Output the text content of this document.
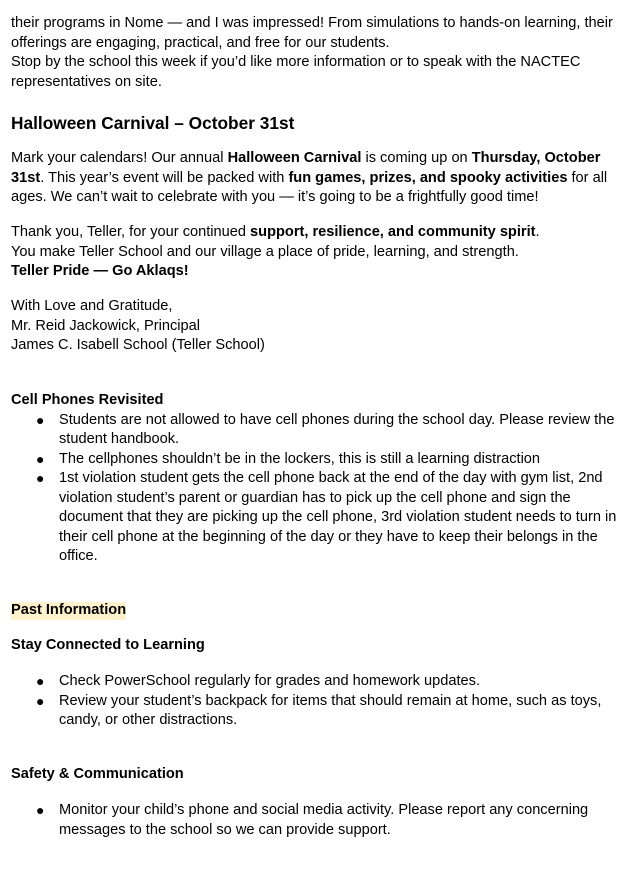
their programs in Nome — and I was impressed! From simulations to hands-on learning, their offerings are engaging, practical, and free for our students.

Stop by the school this week if you’d like more information or to speak with the NACTEC representatives on site.

Halloween Carnival – October 31st

Mark your calendars! Our annual Halloween Carnival is coming up on Thursday, October 31st. This year’s event will be packed with fun games, prizes, and spooky activities for all ages. We can’t wait to celebrate with you — it’s going to be a frightfully good time!

Thank you, Teller, for your continued support, resilience, and community spirit.

You make Teller School and our village a place of pride, learning, and strength.

Teller Pride — Go Aklaqs!

With Love and Gratitude,

Mr. Reid Jackowick, Principal

James C. Isabell School (Teller School)

Cell Phones Revisited

● Students are not allowed to have cell phones during the school day. Please review the student handbook.
● The cellphones shouldn’t be in the lockers, this is still a learning distraction
● 1st violation student gets the cell phone back at the end of the day with gym list, 2nd violation student’s parent or guardian has to pick up the cell phone and sign the document that they are picking up the cell phone, 3rd violation student needs to turn in their cell phone at the beginning of the day or they have to keep their belongs in the office.
Past Information

Stay Connected to Learning

● Check PowerSchool regularly for grades and homework updates.
● Review your student’s backpack for items that should remain at home, such as toys, candy, or other distractions.

Safety & Communication

● Monitor your child’s phone and social media activity. Please report any concerning messages to the school so we can provide support.
